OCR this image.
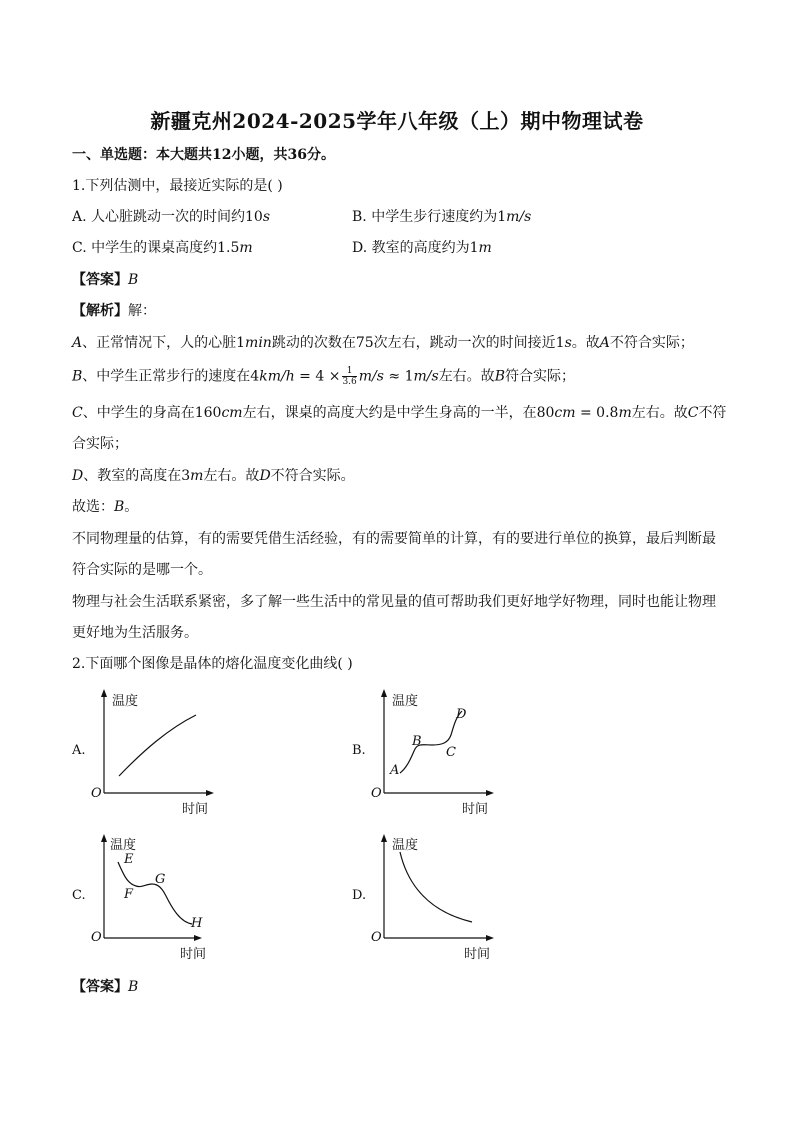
新疆克州2024-2025学年八年级（上）期中物理试卷
一、单选题：本大题共12小题，共36分。
1.下列估测中，最接近实际的是( )
A. 人心脏跳动一次的时间约10s	B. 中学生步行速度约为1m/s
C. 中学生的课桌高度约1.5m	D. 教室的高度约为1m
【答案】B
【解析】解：
A、正常情况下，人的心脏1min跳动的次数在75次左右，跳动一次的时间接近1s。故A不符合实际；
B、中学生正常步行的速度在$4km/h = 4 \times \frac{1}{3.6} m/s \approx 1m/s$左右。故B符合实际；
C、中学生的身高在160cm左右，课桌的高度大约是中学生身高的一半，在80cm = 0.8m左右。故C不符
合实际；
D、教室的高度在3m左右。故D不符合实际。
故选：B。
不同物理量的估算，有的需要凭借生活经验，有的需要简单的计算，有的要进行单位的换算，最后判断最
符合实际的是哪一个。
物理与社会生活联系紧密，多了解一些生活中的常见量的值可帮助我们更好地学好物理，同时也能让物理
更好地为生活服务。
2.下面哪个图像是晶体的熔化温度变化曲线( )
A.
温度
O
时间
B.
温度
O
时间
A
B
C
D
C.
温度
O
时间
E
F
G
H
D.
温度
O
时间
【答案】B
